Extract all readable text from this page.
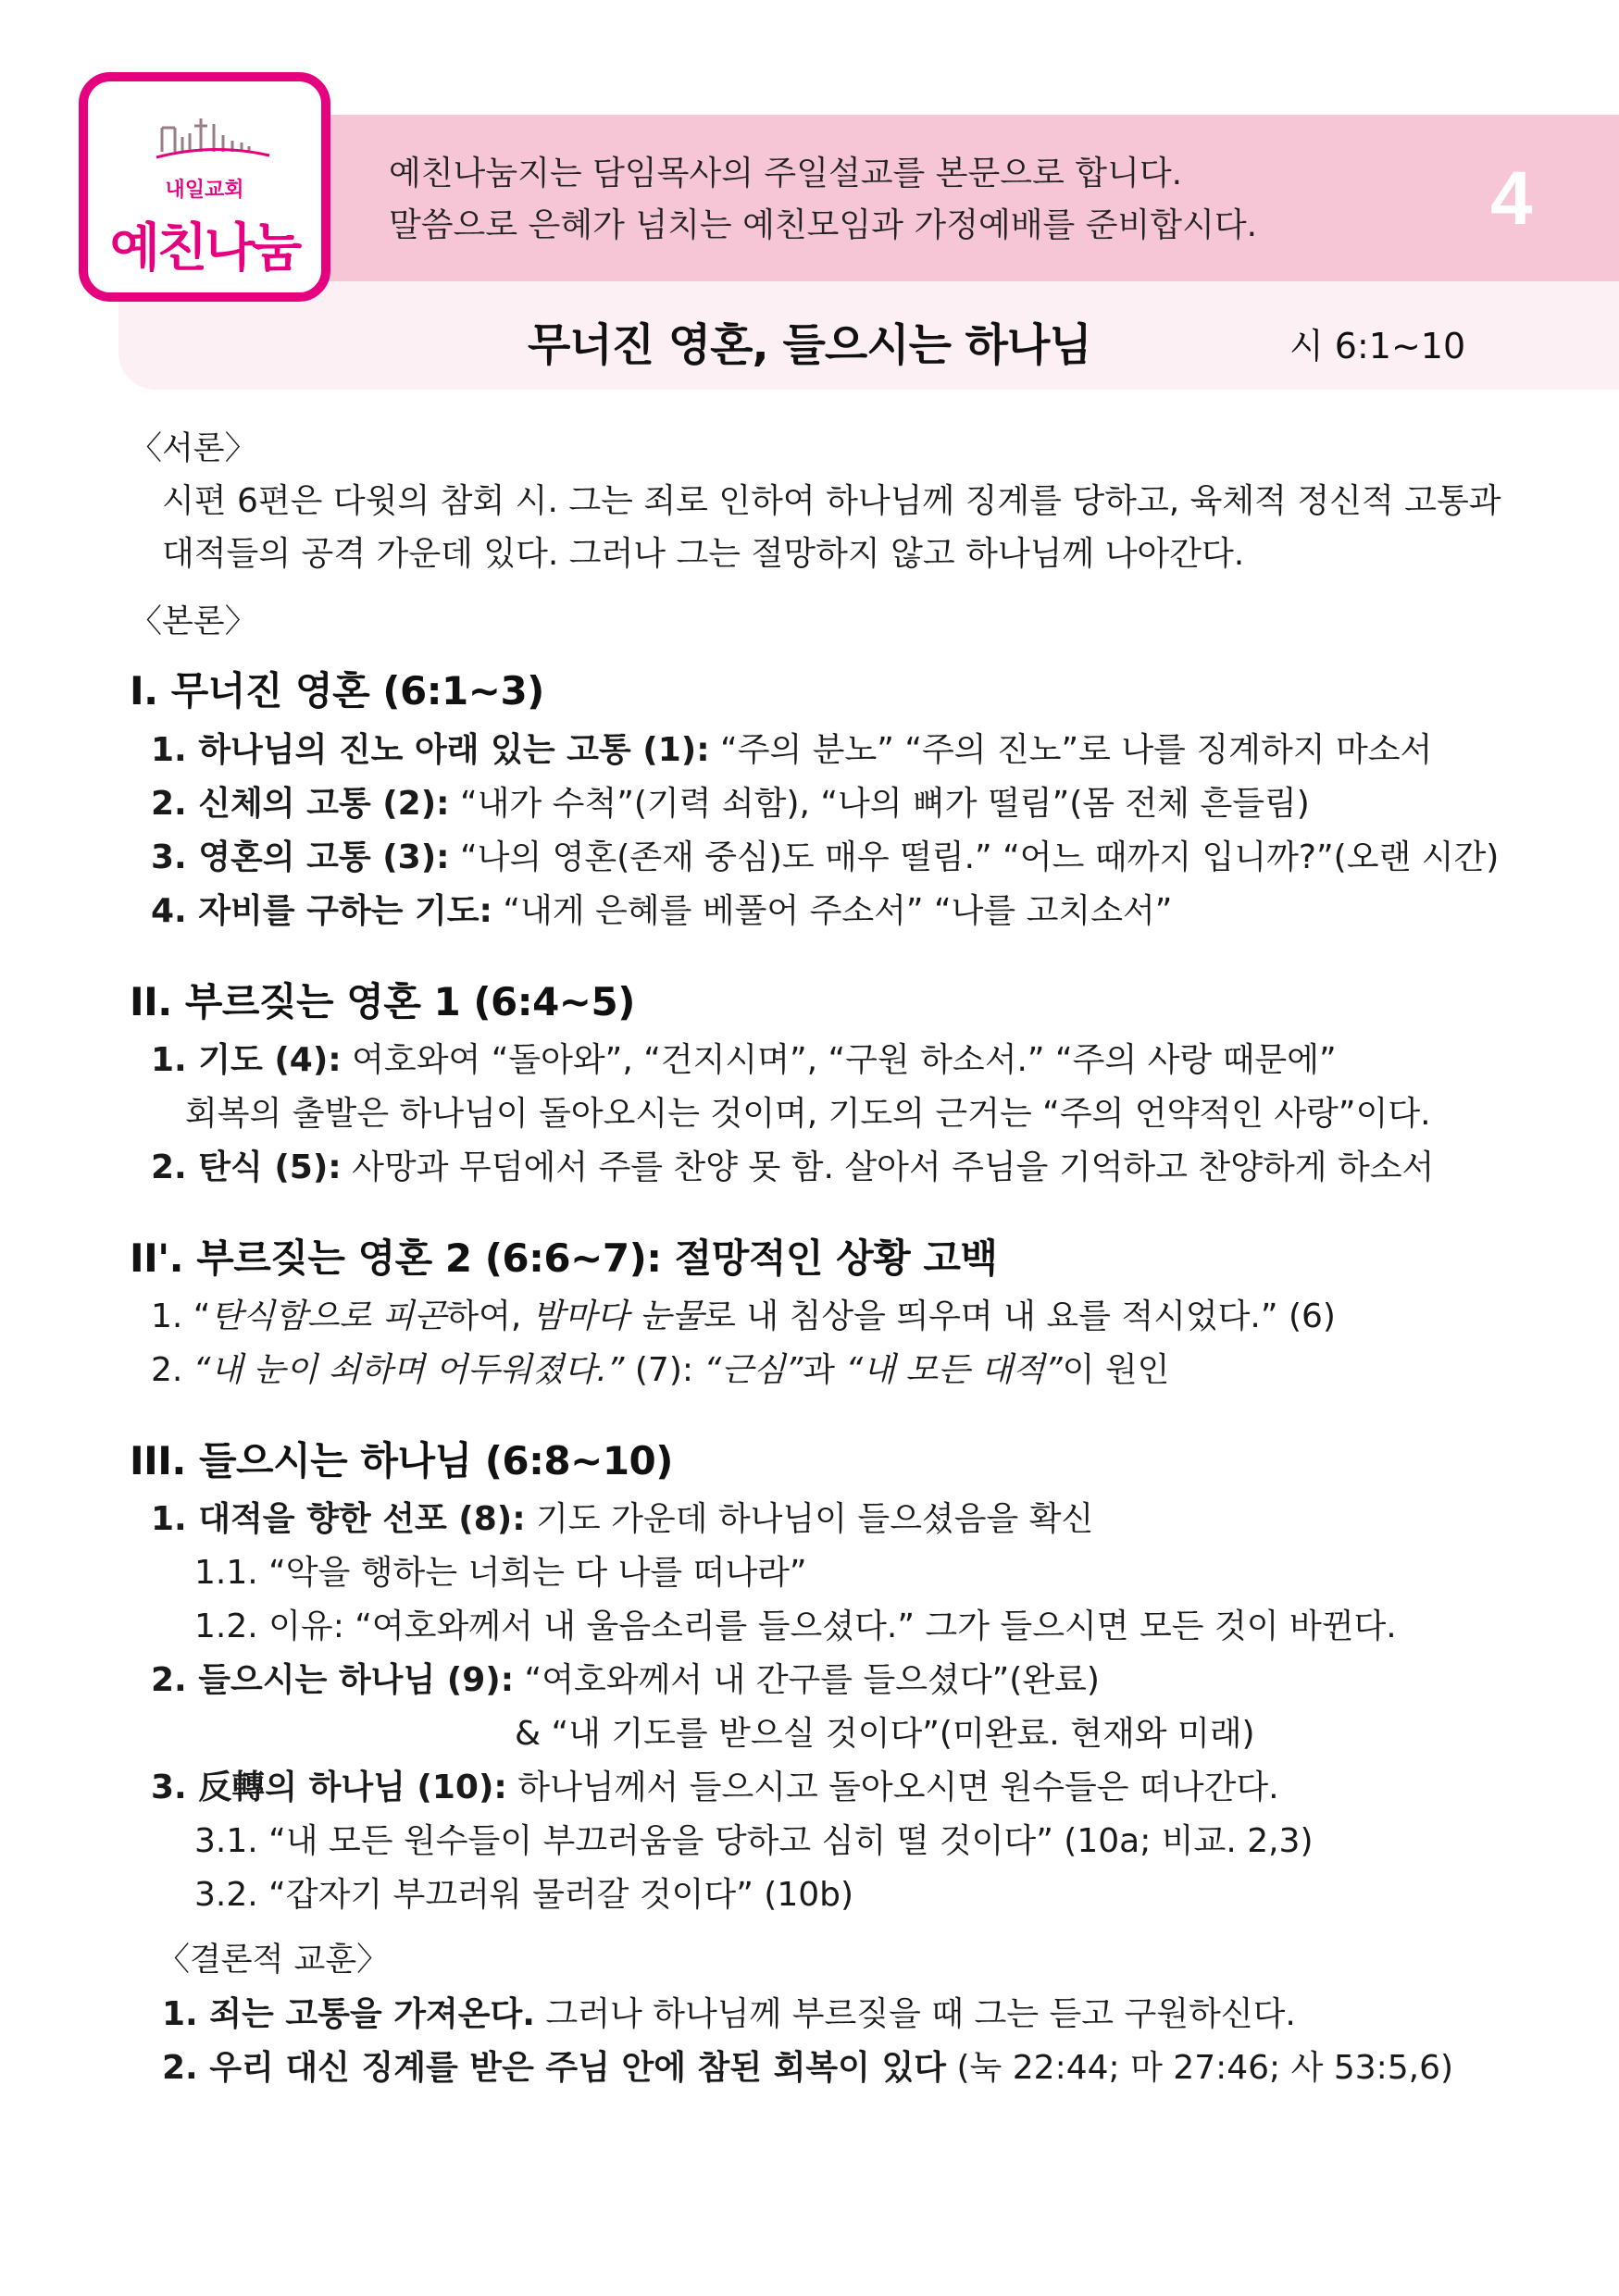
내일교회
예친나눔
예친나눔지는 담임목사의 주일설교를 본문으로 합니다.
말씀으로 은혜가 넘치는 예친모임과 가정예배를 준비합시다.	4
무너진 영혼, 들으시는 하나님	시 6:1~10
〈서론〉
시편 6편은 다윗의 참회 시. 그는 죄로 인하여 하나님께 징계를 당하고, 육체적 정신적 고통과
대적들의 공격 가운데 있다. 그러나 그는 절망하지 않고 하나님께 나아간다.
〈본론〉
I. 무너진 영혼 (6:1~3)
1. 하나님의 진노 아래 있는 고통 (1): “주의 분노” “주의 진노”로 나를 징계하지 마소서
2. 신체의 고통 (2): “내가 수척”(기력 쇠함), “나의 뼈가 떨림”(몸 전체 흔들림)
3. 영혼의 고통 (3): “나의 영혼(존재 중심)도 매우 떨림.” “어느 때까지 입니까?”(오랜 시간)
4. 자비를 구하는 기도: “내게 은혜를 베풀어 주소서” “나를 고치소서”
II. 부르짖는 영혼 1 (6:4~5)
1. 기도 (4): 여호와여 “돌아와”, “건지시며”, “구원 하소서.” “주의 사랑 때문에”
회복의 출발은 하나님이 돌아오시는 것이며, 기도의 근거는 “주의 언약적인 사랑”이다.
2. 탄식 (5): 사망과 무덤에서 주를 찬양 못 함. 살아서 주님을 기억하고 찬양하게 하소서
II'. 부르짖는 영혼 2 (6:6~7): 절망적인 상황 고백
1. “탄식함으로 피곤하여, 밤마다 눈물로 내 침상을 띄우며 내 요를 적시었다.” (6)
2. “내 눈이 쇠하며 어두워졌다.” (7): “근심”과 “내 모든 대적”이 원인
III. 들으시는 하나님 (6:8~10)
1. 대적을 향한 선포 (8): 기도 가운데 하나님이 들으셨음을 확신
1.1. “악을 행하는 너희는 다 나를 떠나라”
1.2. 이유: “여호와께서 내 울음소리를 들으셨다.” 그가 들으시면 모든 것이 바뀐다.
2. 들으시는 하나님 (9): “여호와께서 내 간구를 들으셨다”(완료)
& “내 기도를 받으실 것이다”(미완료. 현재와 미래)
3. 反轉의 하나님 (10): 하나님께서 들으시고 돌아오시면 원수들은 떠나간다.
3.1. “내 모든 원수들이 부끄러움을 당하고 심히 떨 것이다” (10a; 비교. 2,3)
3.2. “갑자기 부끄러워 물러갈 것이다” (10b)
〈결론적 교훈〉
1. 죄는 고통을 가져온다. 그러나 하나님께 부르짖을 때 그는 듣고 구원하신다.
2. 우리 대신 징계를 받은 주님 안에 참된 회복이 있다 (눅 22:44; 마 27:46; 사 53:5,6)
